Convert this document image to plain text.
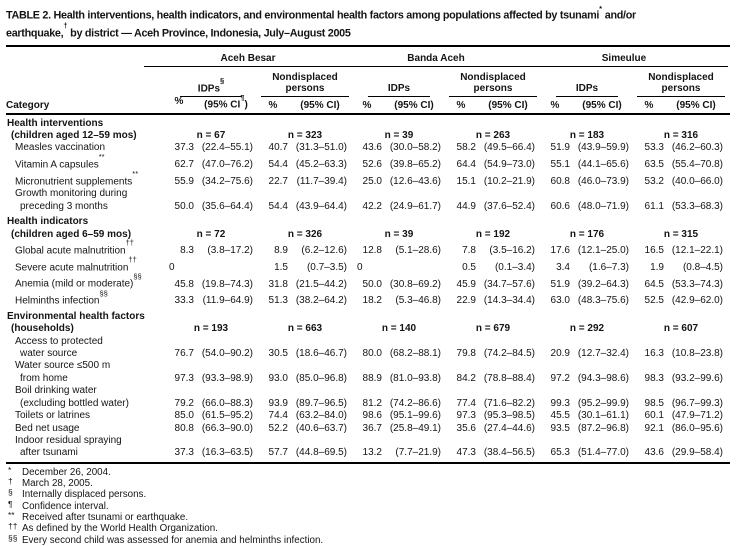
TABLE 2. Health interventions, health indicators, and environmental health factors among populations affected by tsunami* and/or
earthquake,† by district — Aceh Province, Indonesia, July–August 2005
Aceh Besar	Banda Aceh	Simeulue
IDPs§	Nondisplaced persons	IDPs
Nondisplaced persons	IDPs
Nondisplaced persons
Category	%	(95% CI¶)	%	(95% CI)	%	(95% CI)	%	(95% CI)	%	(95% CI)	%	(95% CI)
Health interventions
(children aged 12–59 mos)	n = 67	n = 323	n = 39	n = 263	n = 183	n = 316
Measles vaccination	37.3 (22.4–55.1)	40.7 (31.3–51.0)	43.6 (30.0–58.2)	58.2 (49.5–66.4)	51.9 (43.9–59.9)	53.3 (46.2–60.3)
Vitamin A capsules**
62.7 (47.0–76.2)	54.4 (45.2–63.3)	52.6 (39.8–65.2)	64.4 (54.9–73.0)	55.1 (44.1–65.6)	63.5 (55.4–70.8)
Micronutrient supplements**
55.9 (34.2–75.6)	22.7 (11.7–39.4)	25.0 (12.6–43.6)	15.1 (10.2–21.9)	60.8 (46.0–73.9)	53.2 (40.0–66.0)
Growth monitoring during
preceding 3 months	50.0 (35.6–64.4)	54.4 (43.9–64.4)	42.2 (24.9–61.7)	44.9 (37.6–52.4)	60.6 (48.0–71.9)	61.1 (53.3–68.3)
Health indicators
(children aged 6–59 mos)	n = 72	n = 326	n = 39	n = 192	n = 176	n = 315
Global acute malnutrition††
8.3	(3.8–17.2)	8.9	(6.2–12.6)	12.8	(5.1–28.6)	7.8	(3.5–16.2)	17.6 (12.1–25.0)	16.5 (12.1–22.1)
Severe acute malnutrition††
0	1.5	(0.7–3.5)	0	0.5	(0.1–3.4)	3.4	(1.6–7.3)	1.9	(0.8–4.5)
Anemia (mild or moderate)§§
45.8 (19.8–74.3)	31.8 (21.5–44.2)	50.0 (30.8–69.2)	45.9 (34.7–57.6)	51.9 (39.2–64.3)	64.5 (53.3–74.3)
Helminths infection§§
33.3 (11.9–64.9)	51.3 (38.2–64.2)	18.2	(5.3–46.8)	22.9 (14.3–34.4)	63.0 (48.3–75.6)	52.5 (42.9–62.0)
Environmental health factors
(households)	n = 193	n = 663	n = 140	n = 679	n = 292	n = 607
Access to protected
water source	76.7 (54.0–90.2)	30.5 (18.6–46.7)	80.0 (68.2–88.1)	79.8 (74.2–84.5)	20.9 (12.7–32.4)	16.3 (10.8–23.8)
Water source ≤500 m
from home	97.3 (93.3–98.9)	93.0 (85.0–96.8)	88.9 (81.0–93.8)	84.2 (78.8–88.4)	97.2 (94.3–98.6)	98.3 (93.2–99.6)
Boil drinking water
(excluding bottled water)	79.2 (66.0–88.3)	93.9 (89.7–96.5)	81.2 (74.2–86.6)	77.4 (71.6–82.2)	99.3 (95.2–99.9)	98.5 (96.7–99.3)
Toilets or latrines	85.0 (61.5–95.2)	74.4 (63.2–84.0)	98.6 (95.1–99.6)	97.3 (95.3–98.5)	45.5 (30.1–61.1)	60.1 (47.9–71.2)
Bed net usage	80.8 (66.3–90.0)	52.2 (40.6–63.7)	36.7 (25.8–49.1)	35.6 (27.4–44.6)	93.5 (87.2–96.8)	92.1 (86.0–95.6)
Indoor residual spraying
after tsunami	37.3 (16.3–63.5)	57.7 (44.8–69.5)	13.2	(7.7–21.9)	47.3 (38.4–56.5)	65.3 (51.4–77.0)	43.6 (29.9–58.4)
* December 26, 2004.
† March 28, 2005.
§ Internally displaced persons.
¶ Confidence interval.
** Received after tsunami or earthquake.
†† As defined by the World Health Organization.
§§ Every second child was assessed for anemia and helminths infection.
